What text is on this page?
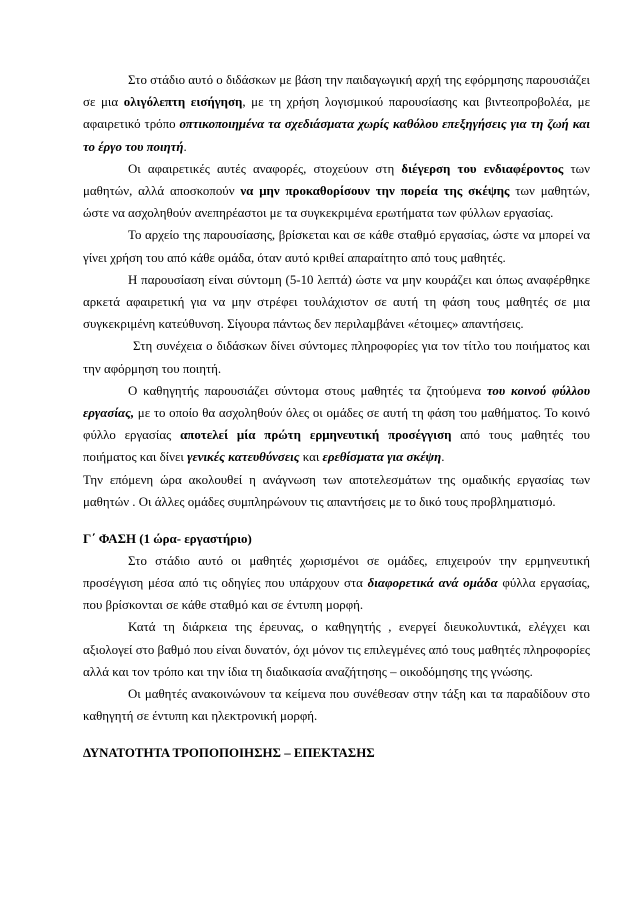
Στο στάδιο αυτό ο διδάσκων με βάση την παιδαγωγική αρχή της εφόρμησης παρουσιάζει σε μια ολιγόλεπτη εισήγηση, με τη χρήση λογισμικού παρουσίασης και βιντεοπροβολέα, με αφαιρετικό τρόπο οπτικοποιημένα τα σχεδιάσματα χωρίς καθόλου επεξηγήσεις για τη ζωή και το έργο του ποιητή.

Οι αφαιρετικές αυτές αναφορές, στοχεύουν στη διέγερση του ενδιαφέροντος των μαθητών, αλλά αποσκοπούν να μην προκαθορίσουν την πορεία της σκέψης των μαθητών, ώστε να ασχοληθούν ανεπηρέαστοι με τα συγκεκριμένα ερωτήματα των φύλλων εργασίας.

Το αρχείο της παρουσίασης, βρίσκεται και σε κάθε σταθμό εργασίας, ώστε να μπορεί να γίνει χρήση του από κάθε ομάδα, όταν αυτό κριθεί απαραίτητο από τους μαθητές.

Η παρουσίαση είναι σύντομη (5-10 λεπτά) ώστε να μην κουράζει και όπως αναφέρθηκε αρκετά αφαιρετική για να μην στρέφει τουλάχιστον σε αυτή τη φάση τους μαθητές σε μια συγκεκριμένη κατεύθυνση. Σίγουρα πάντως δεν περιλαμβάνει «έτοιμες» απαντήσεις.

Στη συνέχεια ο διδάσκων δίνει σύντομες πληροφορίες για τον τίτλο του ποιήματος και την αφόρμηση του ποιητή.

Ο καθηγητής παρουσιάζει σύντομα στους μαθητές τα ζητούμενα του κοινού φύλλου εργασίας, με το οποίο θα ασχοληθούν όλες οι ομάδες σε αυτή τη φάση του μαθήματος. Το κοινό φύλλο εργασίας αποτελεί μία πρώτη ερμηνευτική προσέγγιση από τους μαθητές του ποιήματος και δίνει γενικές κατευθύνσεις και ερεθίσματα για σκέψη.

Την επόμενη ώρα ακολουθεί η ανάγνωση των αποτελεσμάτων της ομαδικής εργασίας των μαθητών . Οι άλλες ομάδες συμπληρώνουν τις απαντήσεις με το δικό τους προβληματισμό.

Γ΄ ΦΑΣΗ (1 ώρα- εργαστήριο)

Στο στάδιο αυτό οι μαθητές χωρισμένοι σε ομάδες, επιχειρούν την ερμηνευτική προσέγγιση μέσα από τις οδηγίες που υπάρχουν στα διαφορετικά ανά ομάδα φύλλα εργασίας, που βρίσκονται σε κάθε σταθμό και σε έντυπη μορφή.

Κατά τη διάρκεια της έρευνας, ο καθηγητής , ενεργεί διευκολυντικά, ελέγχει και αξιολογεί στο βαθμό που είναι δυνατόν, όχι μόνον τις επιλεγμένες από τους μαθητές πληροφορίες αλλά και τον τρόπο και την ίδια τη διαδικασία αναζήτησης – οικοδόμησης της γνώσης.

Οι μαθητές ανακοινώνουν τα κείμενα που συνέθεσαν στην τάξη και τα παραδίδουν στο καθηγητή σε έντυπη και ηλεκτρονική μορφή.

ΔΥΝΑΤΟΤΗΤΑ ΤΡΟΠΟΠΟΙΗΣΗΣ – ΕΠΕΚΤΑΣΗΣ
